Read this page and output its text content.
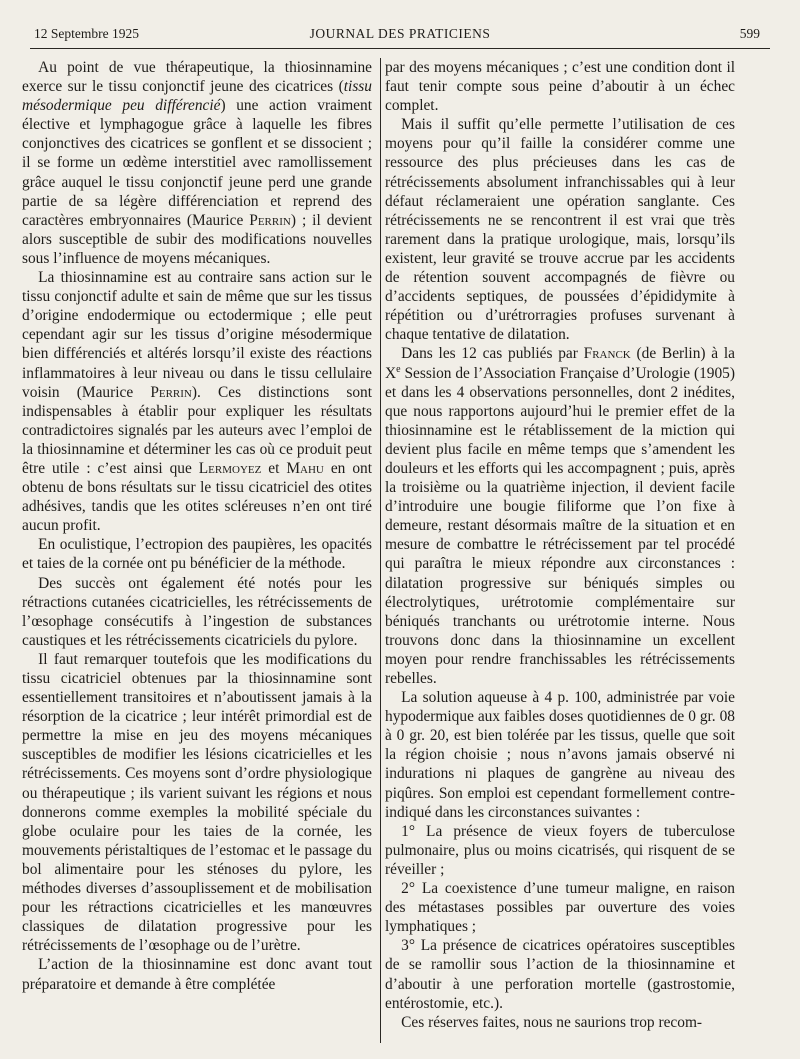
12 Septembre 1925	JOURNAL DES PRATICIENS	599

Au point de vue thérapeutique, la thiosinnamine exerce sur le tissu conjonctif jeune des cicatrices (tissu mésodermique peu différencié) une action vraiment élective et lymphagogue grâce à laquelle les fibres conjonctives des cicatrices se gonflent et se dissocient ; il se forme un œdème interstitiel avec ramollissement grâce auquel le tissu conjonctif jeune perd une grande partie de sa légère différenciation et reprend des caractères embryonnaires (Maurice Perrin) ; il devient alors susceptible de subir des modifications nouvelles sous l’influence de moyens mécaniques.

La thiosinnamine est au contraire sans action sur le tissu conjonctif adulte et sain de même que sur les tissus d’origine endodermique ou ectodermique ; elle peut cependant agir sur les tissus d’origine mésodermique bien différenciés et altérés lorsqu’il existe des réactions inflammatoires à leur niveau ou dans le tissu cellulaire voisin (Maurice Perrin). Ces distinctions sont indispensables à établir pour expliquer les résultats contradictoires signalés par les auteurs avec l’emploi de la thiosinnamine et déterminer les cas où ce produit peut être utile : c’est ainsi que Lermoyez et Mahu en ont obtenu de bons résultats sur le tissu cicatriciel des otites adhésives, tandis que les otites scléreuses n’en ont tiré aucun profit.

En oculistique, l’ectropion des paupières, les opacités et taies de la cornée ont pu bénéficier de la méthode.

Des succès ont également été notés pour les rétractions cutanées cicatricielles, les rétrécissements de l’œsophage consécutifs à l’ingestion de substances caustiques et les rétrécissements cicatriciels du pylore.

Il faut remarquer toutefois que les modifications du tissu cicatriciel obtenues par la thiosinnamine sont essentiellement transitoires et n’aboutissent jamais à la résorption de la cicatrice ; leur intérêt primordial est de permettre la mise en jeu des moyens mécaniques susceptibles de modifier les lésions cicatricielles et les rétrécissements. Ces moyens sont d’ordre physiologique ou thérapeutique ; ils varient suivant les régions et nous donnerons comme exemples la mobilité spéciale du globe oculaire pour les taies de la cornée, les mouvements péristaltiques de l’estomac et le passage du bol alimentaire pour les sténoses du pylore, les méthodes diverses d’assouplissement et de mobilisation pour les rétractions cicatricielles et les manœuvres classiques de dilatation progressive pour les rétrécissements de l’œsophage ou de l’urètre.

L’action de la thiosinnamine est donc avant tout préparatoire et demande à être complétée

par des moyens mécaniques ; c’est une condition dont il faut tenir compte sous peine d’aboutir à un échec complet.

Mais il suffit qu’elle permette l’utilisation de ces moyens pour qu’il faille la considérer comme une ressource des plus précieuses dans les cas de rétrécissements absolument infranchissables qui à leur défaut réclameraient une opération sanglante. Ces rétrécissements ne se rencontrent il est vrai que très rarement dans la pratique urologique, mais, lorsqu’ils existent, leur gravité se trouve accrue par les accidents de rétention souvent accompagnés de fièvre ou d’accidents septiques, de poussées d’épididymite à répétition ou d’urétrorragies profuses survenant à chaque tentative de dilatation.

Dans les 12 cas publiés par Franck (de Berlin) à la Xe Session de l’Association Française d’Urologie (1905) et dans les 4 observations personnelles, dont 2 inédites, que nous rapportons aujourd’hui le premier effet de la thiosinnamine est le rétablissement de la miction qui devient plus facile en même temps que s’amendent les douleurs et les efforts qui les accompagnent ; puis, après la troisième ou la quatrième injection, il devient facile d’introduire une bougie filiforme que l’on fixe à demeure, restant désormais maître de la situation et en mesure de combattre le rétrécissement par tel procédé qui paraîtra le mieux répondre aux circonstances : dilatation progressive sur béniqués simples ou électrolytiques, urétrotomie complémentaire sur béniqués tranchants ou urétrotomie interne. Nous trouvons donc dans la thiosinnamine un excellent moyen pour rendre franchissables les rétrécissements rebelles.

La solution aqueuse à 4 p. 100, administrée par voie hypodermique aux faibles doses quotidiennes de 0 gr. 08 à 0 gr. 20, est bien tolérée par les tissus, quelle que soit la région choisie ; nous n’avons jamais observé ni indurations ni plaques de gangrène au niveau des piqûres. Son emploi est cependant formellement contre-indiqué dans les circonstances suivantes :

1° La présence de vieux foyers de tuberculose pulmonaire, plus ou moins cicatrisés, qui risquent de se réveiller ;

2° La coexistence d’une tumeur maligne, en raison des métastases possibles par ouverture des voies lymphatiques ;

3° La présence de cicatrices opératoires susceptibles de se ramollir sous l’action de la thiosinnamine et d’aboutir à une perforation mortelle (gastrostomie, entérostomie, etc.).

Ces réserves faites, nous ne saurions trop recom-
